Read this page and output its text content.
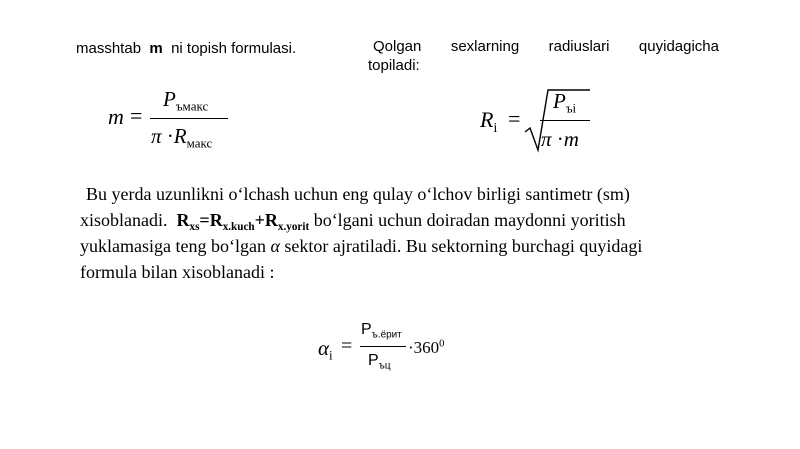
masshtab m ni topish formulasi.	Qolgan sexlarning radiuslari quyidagicha
topiladi:
m =
$P_{ъмакс}$
$\pi \cdot R_{макс}$
$R_i$ =
$P_{ъi}$
π ·m
Bu yerda uzunlikni o‘lchash uchun eng qulay o‘lchov birligi santimetr (sm)
xisoblanadi. $R_{xs}=R_{x.kuch}+R_{x.yorit}$ bo‘lgani uchun doiradan maydonni yoritish
yuklamasiga teng bo‘lgan α sektor ajratiladi. Bu sektorning burchagi quyidagi
formula bilan xisoblanadi :
$\alpha_i$ =
$P_{ъ.ёрит}$
$P_{ъц}$
$\cdot 360^0$
